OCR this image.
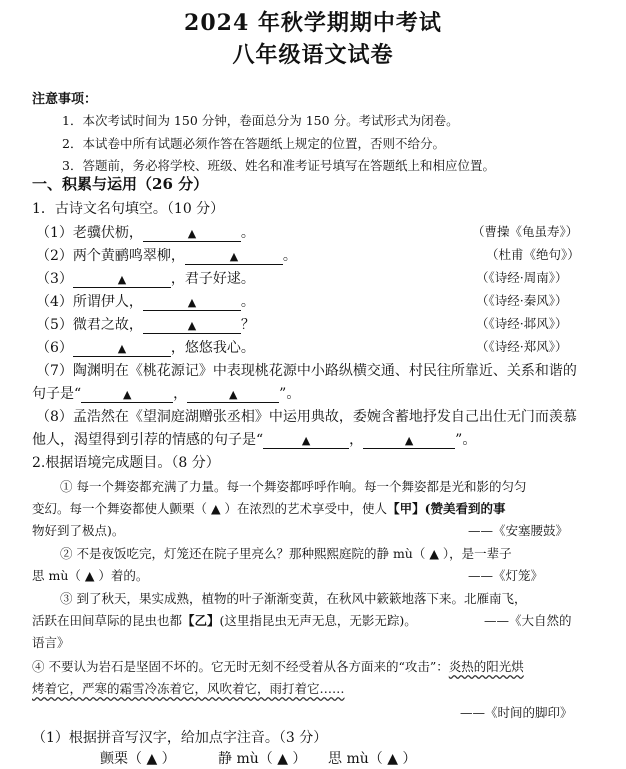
2024 年秋学期期中考试
八年级语文试卷
注意事项：
1．本次考试时间为 150 分钟，卷面总分为 150 分。考试形式为闭卷。
2．本试卷中所有试题必须作答在答题纸上规定的位置，否则不给分。
3．答题前，务必将学校、班级、姓名和准考证号填写在答题纸上和相应位置。
一、积累与运用（26 分）
1．古诗文名句填空。（10 分）
（1）老骥伏枥，	▲	。	（曹操《龟虽寿》）
（2）两个黄鹂鸣翠柳，	▲	。	（杜甫《绝句》）
（3）	▲	，君子好逑。	（《诗经·周南》）
（4）所谓伊人，	▲	。	（《诗经·秦风》）
（5）微君之故，	▲	？	（《诗经·邶风》）
（6）	▲	，悠悠我心。	（《诗经·郑风》）
（7）陶渊明在《桃花源记》中表现桃花源中小路纵横交通、村民往所靠近、关系和谐的
句子是“	▲	，	▲	”。
（8）孟浩然在《望洞庭湖赠张丞相》中运用典故，委婉含蓄地抒发自己出仕无门而羡慕
他人，渴望得到引荐的情感的句子是“	▲	，	▲	”。
2.根据语境完成题目。（8 分）
① 每一个舞姿都充满了力量。每一个舞姿都呼呼作响。每一个舞姿都是光和影的匀匀
变幻。每一个舞姿都使人颤栗（ ▲ ）在浓烈的艺术享受中，使人【甲】(赞美看到的事
物好到了极点)。	——《安塞腰鼓》
② 不是夜饭吃完，灯笼还在院子里亮么？那种熙熙庭院的静 mù（ ▲ ），是一辈子
思 mù（ ▲ ）着的。	——《灯笼》
③ 到了秋天，果实成熟，植物的叶子渐渐变黄，在秋风中簌簌地落下来。北雁南飞，
活跃在田间草际的昆虫也都【乙】(这里指昆虫无声无息，无影无踪)。	——《大自然的
语言》
④ 不要认为岩石是坚固不坏的。它无时无刻不经受着从各方面来的“攻击”：炎热的阳光烘
烤着它，严寒的霜雪冷冻着它，风吹着它，雨打着它……
——《时间的脚印》
（1）根据拼音写汉字，给加点字注音。（3 分）
颤栗（ ▲ ）	静 mù（ ▲ ） 思 mù（ ▲ ）
